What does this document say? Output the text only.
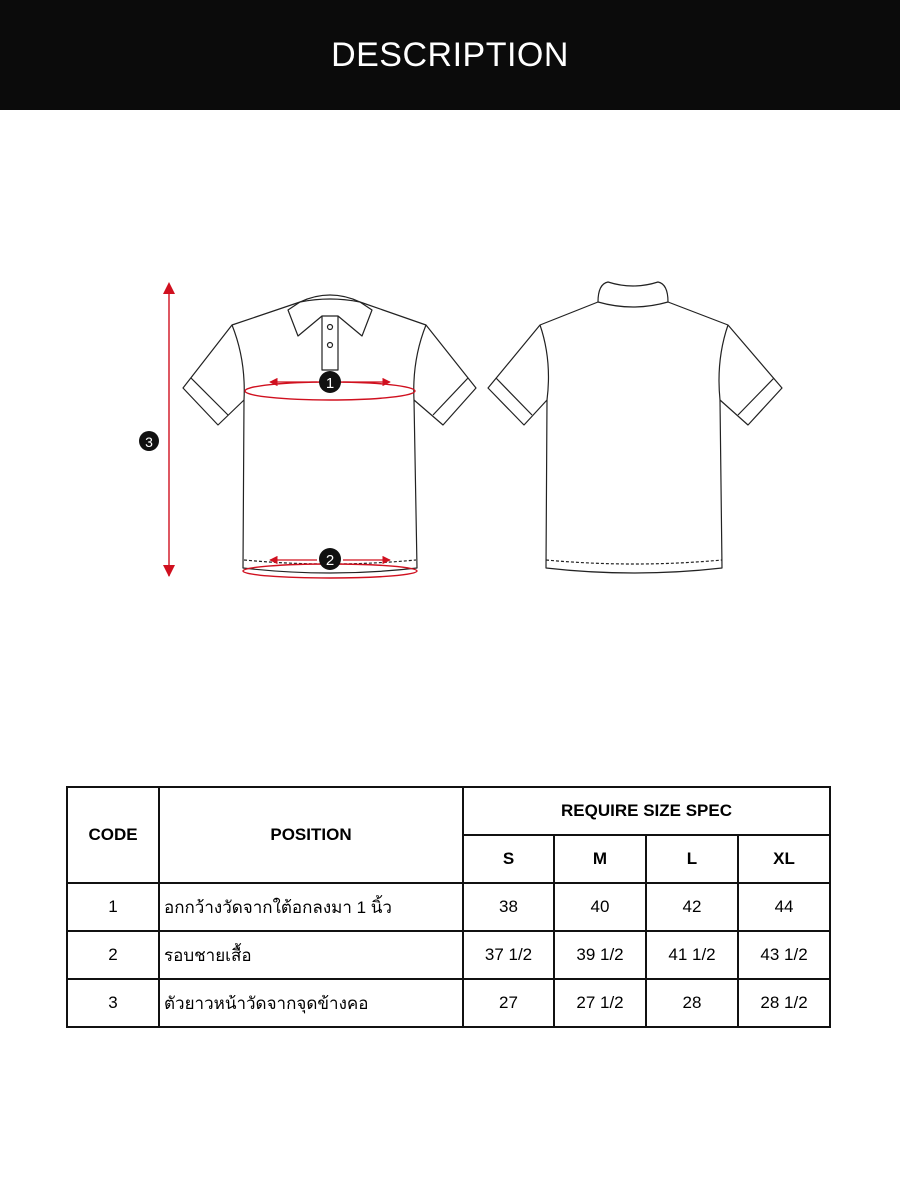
DESCRIPTION
1
2
3
CODE	POSITION	REQUIRE SIZE SPEC			
		S	M	L	XL
1	อกกว้างวัดจากใต้อกลงมา 1 นิ้ว	38	40	42	44
2	รอบชายเสื้อ	37 1/2	39 1/2	41 1/2	43 1/2
3	ตัวยาวหน้าวัดจากจุดข้างคอ	27	27 1/2	28	28 1/2
